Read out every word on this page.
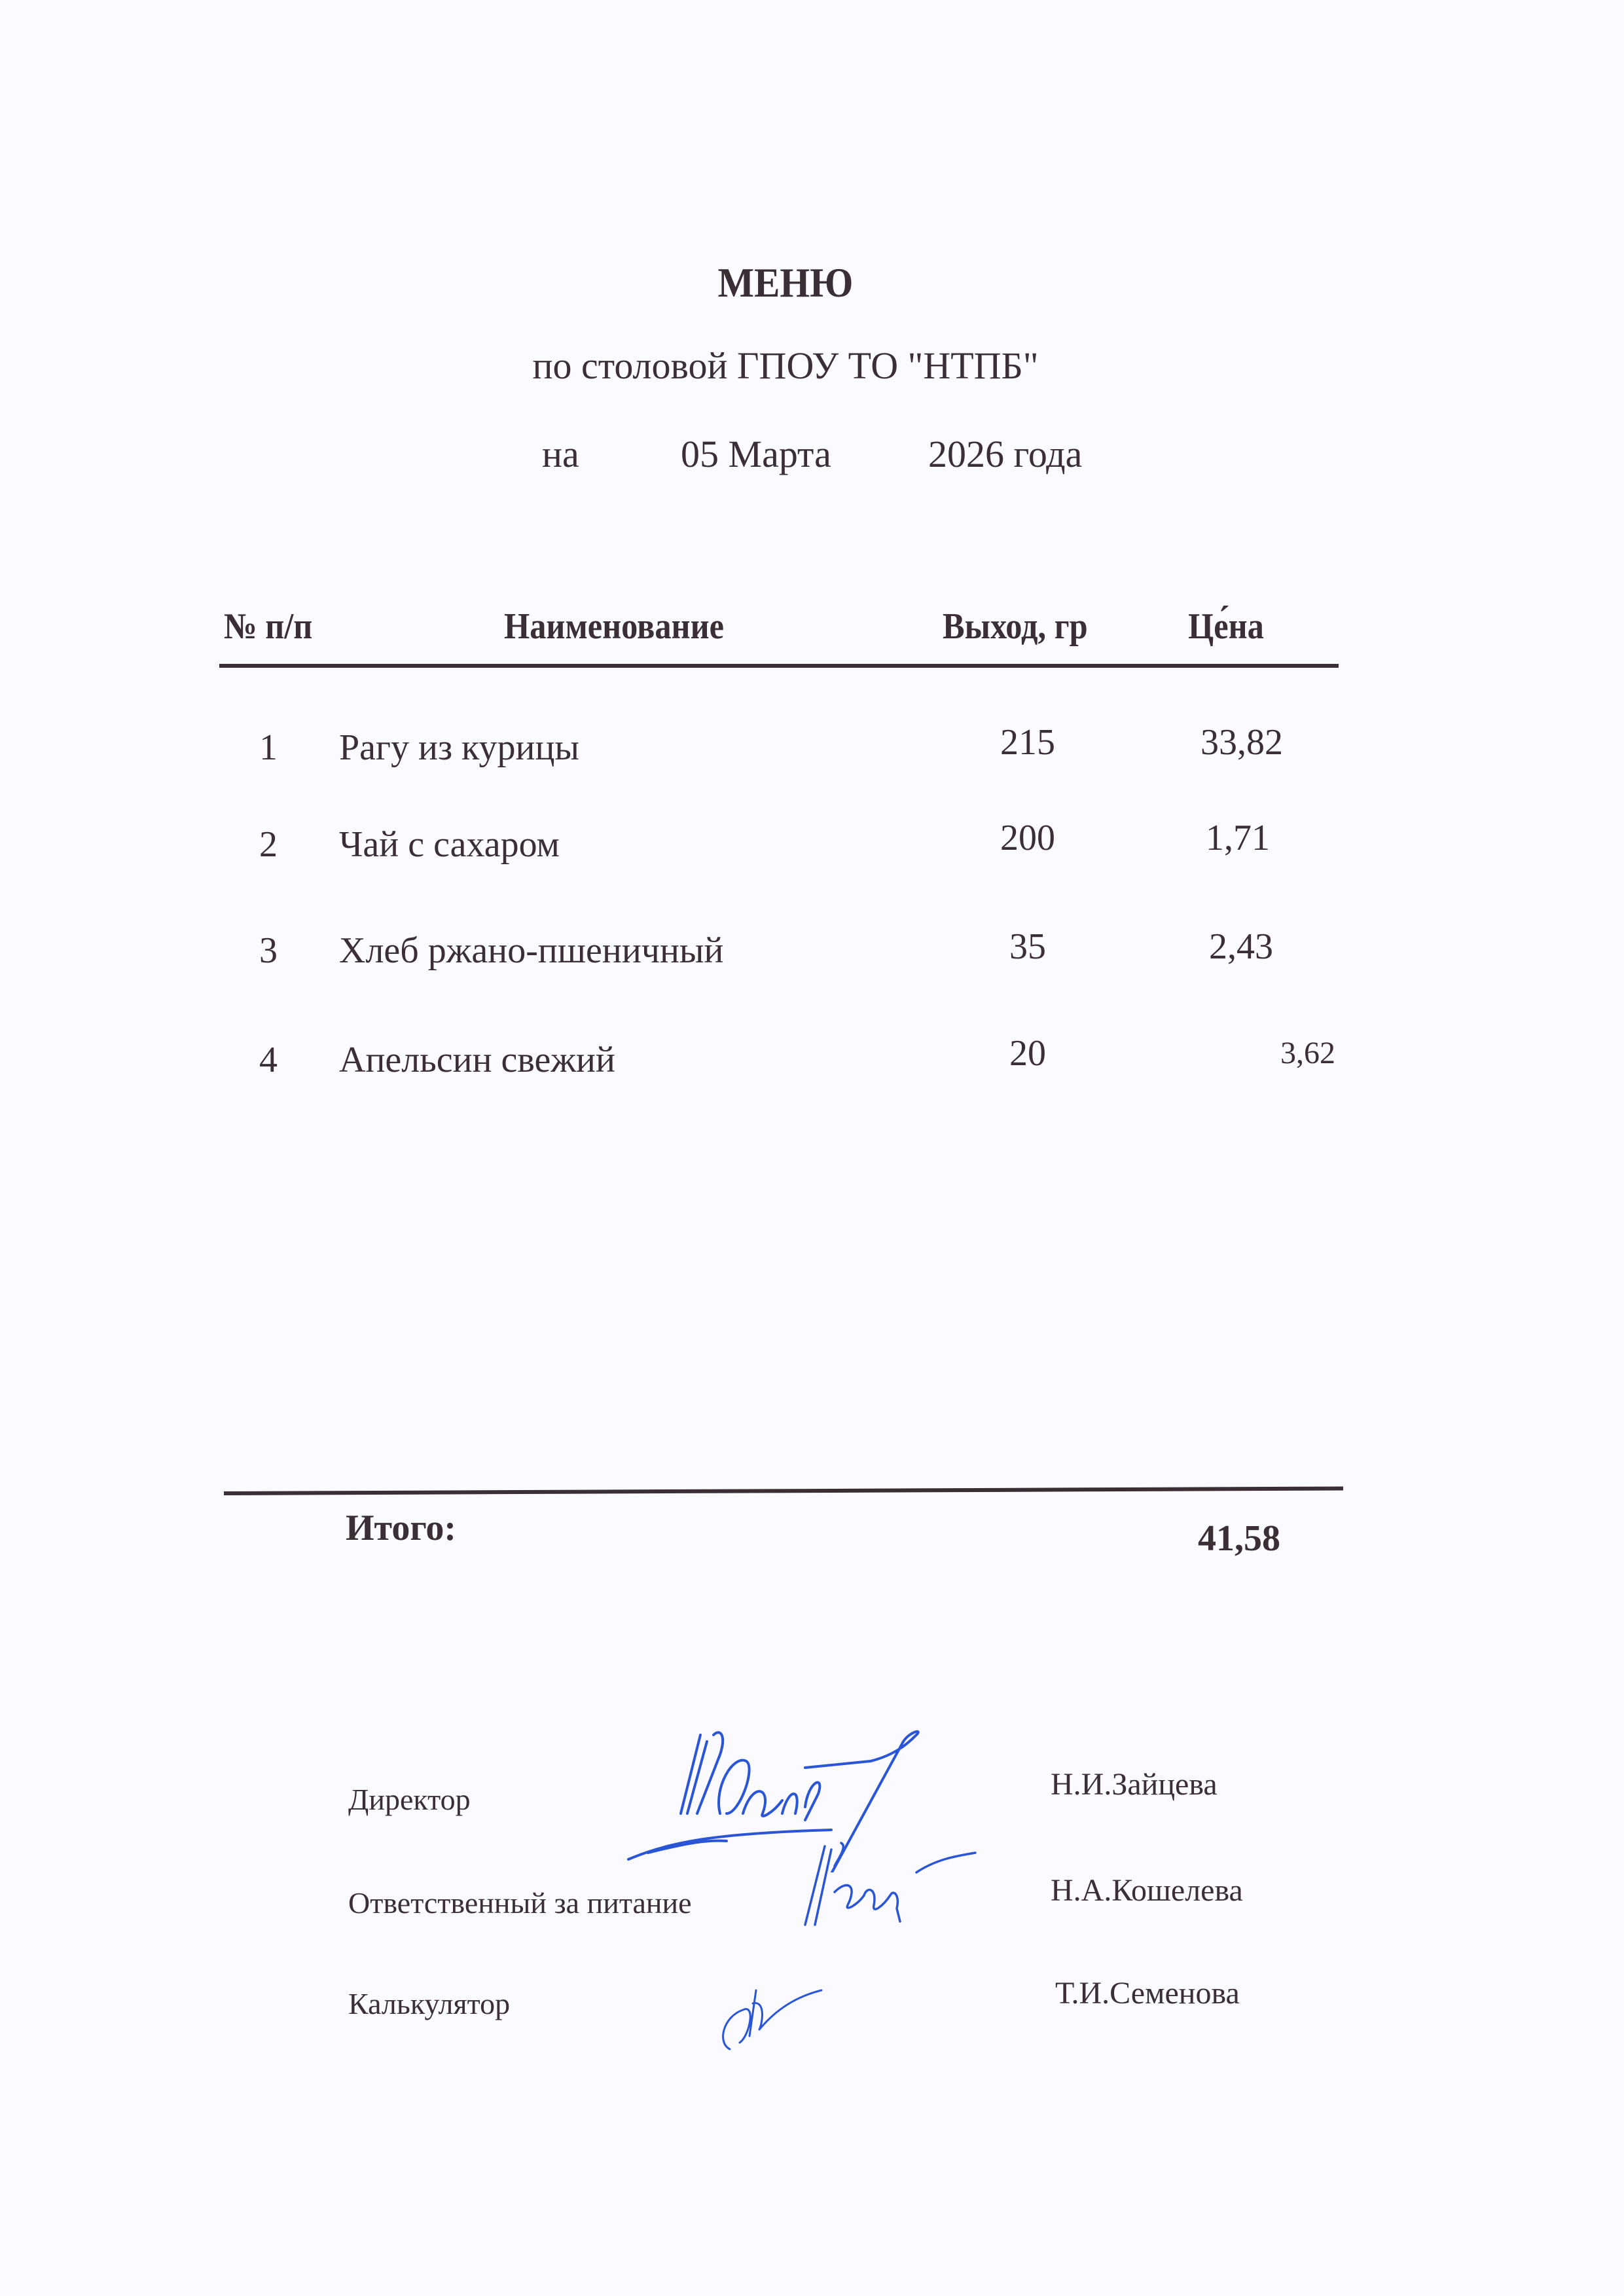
МЕНЮ
по столовой ГПОУ ТО "НТПБ"
на	05 Марта	2026 года
№ п/п	Наименование	Выход, гр	Це́на
1 Рагу из курицы	215	33,82
2 Чай с сахаром	200	1,71
3 Хлеб ржано-пшеничный	35	2,43
4 Апельсин свежий	20	3,62
Итого:	41,58
Директор	Н.И.Зайцева
Ответственный за питание	Н.А.Кошелева
Калькулятор	Т.И.Семенова
